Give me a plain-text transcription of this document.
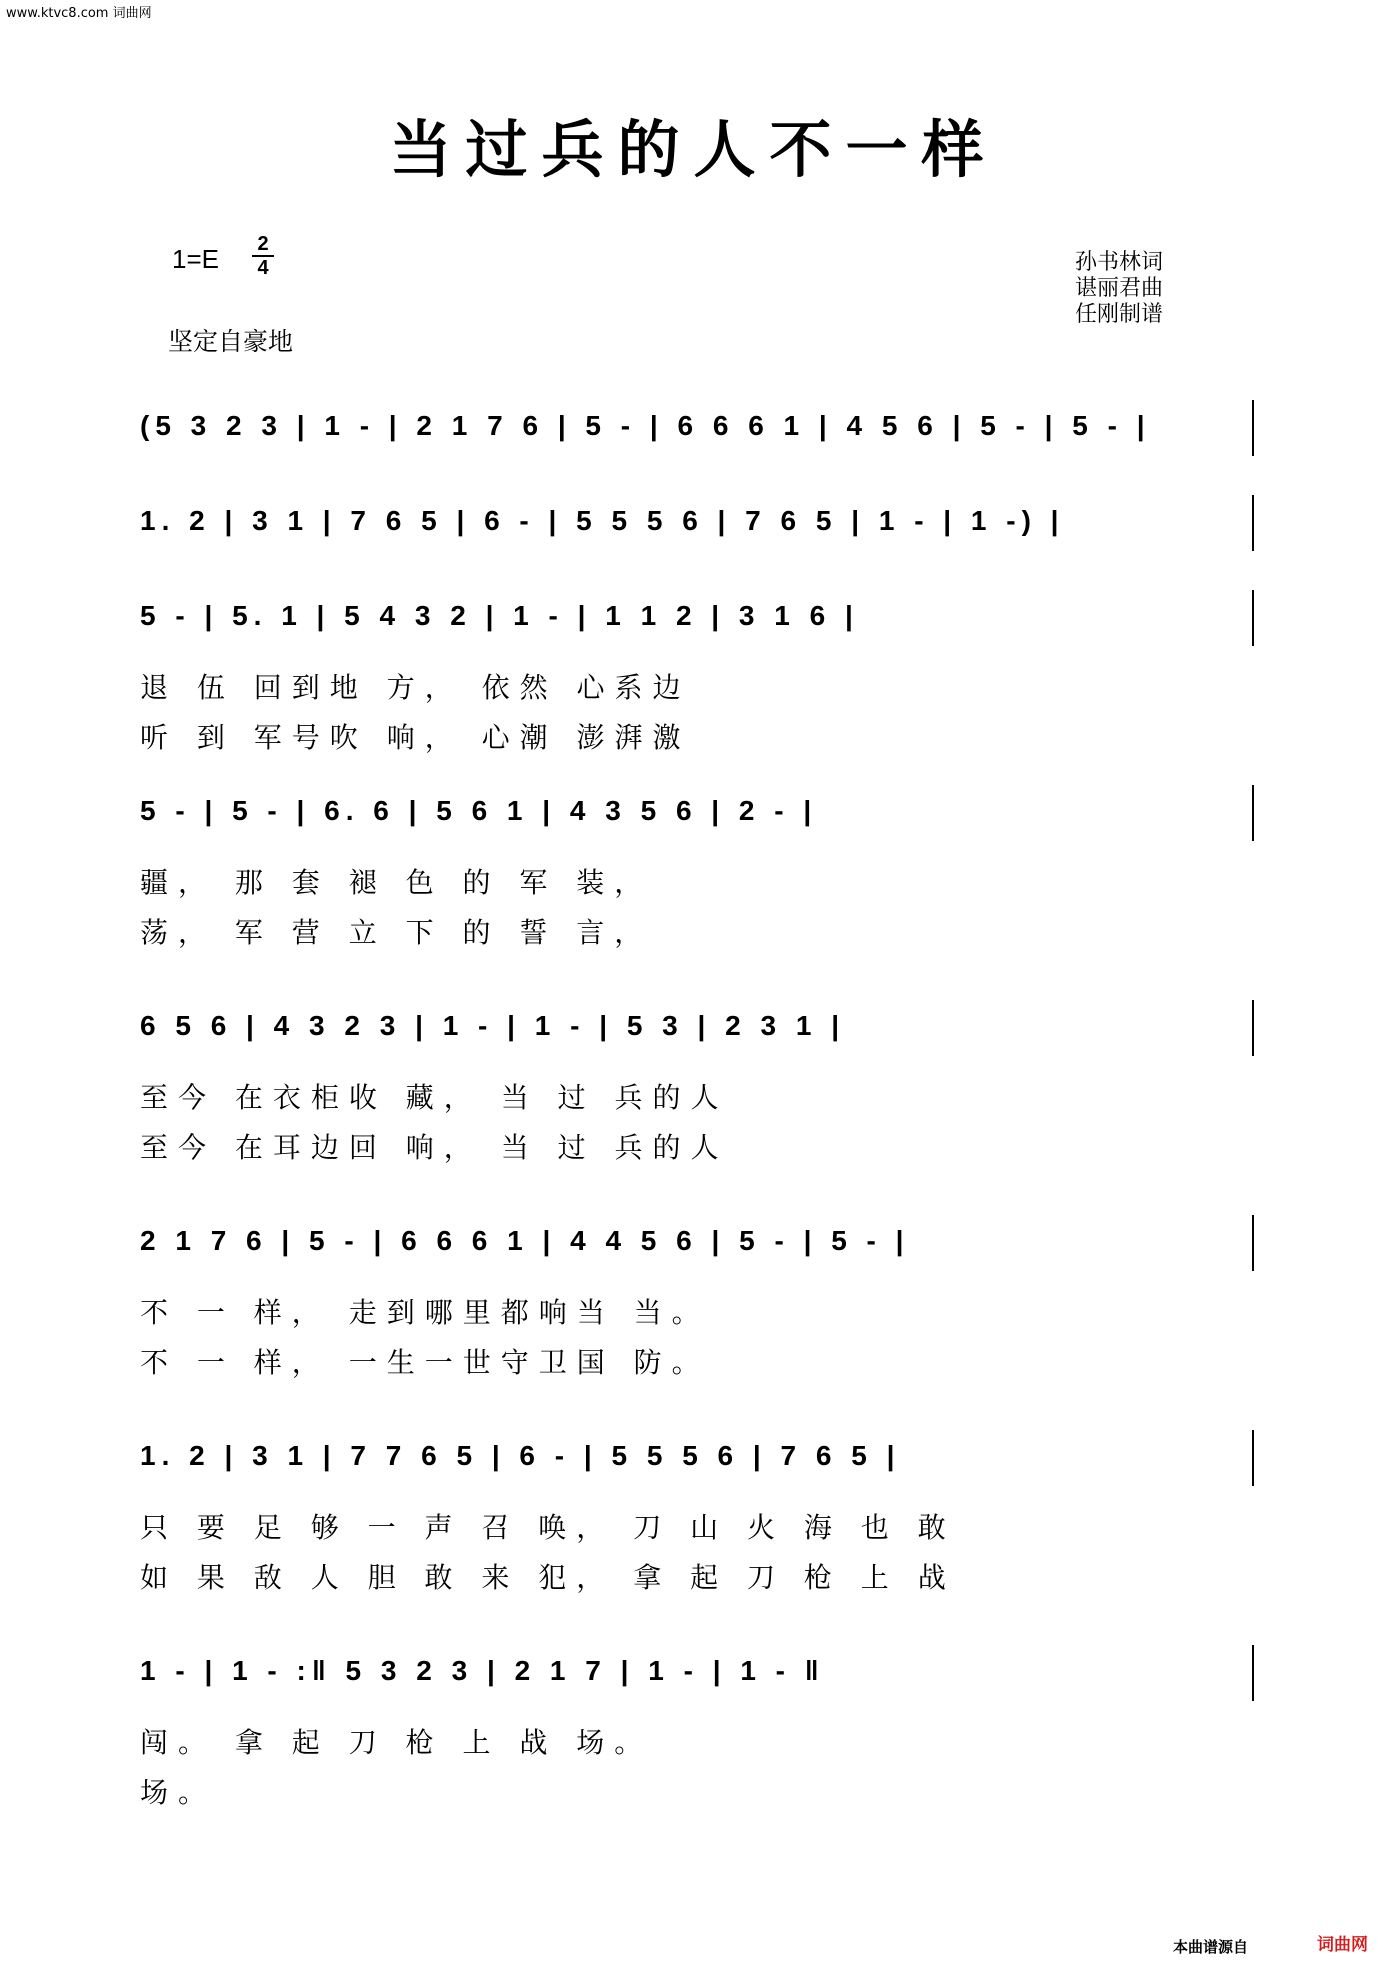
www.ktvc8.com 词曲网
当过兵的人不一样
1=E 2
4
坚定自豪地
孙书林词
谌丽君曲
任刚制谱
(5 3 2 3 | 1 - | 2 1 7 6 | 5 - | 6 6 6 1 | 4 5 6 | 5 - | 5 - |
1. 2 | 3 1 | 7 6 5 | 6 - | 5 5 5 6 | 7 6 5 | 1 - | 1 -) |
5 - | 5. 1 | 5 4 3 2 | 1 - | 1 1 2 | 3 1 6 |
退 伍 回到地 方， 依然 心系边
听 到 军号吹 响， 心潮 澎湃激
5 - | 5 - | 6. 6 | 5 6 1 | 4 3 5 6 | 2 - |
疆， 那 套 褪 色 的 军 装，
荡， 军 营 立 下 的 誓 言，
6 5 6 | 4 3 2 3 | 1 - | 1 - | 5 3 | 2 3 1 |
至今 在衣柜收 藏， 当 过 兵的人
至今 在耳边回 响， 当 过 兵的人
2 1 7 6 | 5 - | 6 6 6 1 | 4 4 5 6 | 5 - | 5 - |
不 一 样， 走到哪里都响当 当。
不 一 样， 一生一世守卫国 防。
1. 2 | 3 1 | 7 7 6 5 | 6 - | 5 5 5 6 | 7 6 5 |
只 要 足 够 一 声 召 唤， 刀 山 火 海 也 敢
如 果 敌 人 胆 敢 来 犯， 拿 起 刀 枪 上 战
1 - | 1 - :‖ 5 3 2 3 | 2 1 7 | 1 - | 1 - ‖
闯。 拿 起 刀 枪 上 战 场。
场。
本曲谱源自	词曲网
